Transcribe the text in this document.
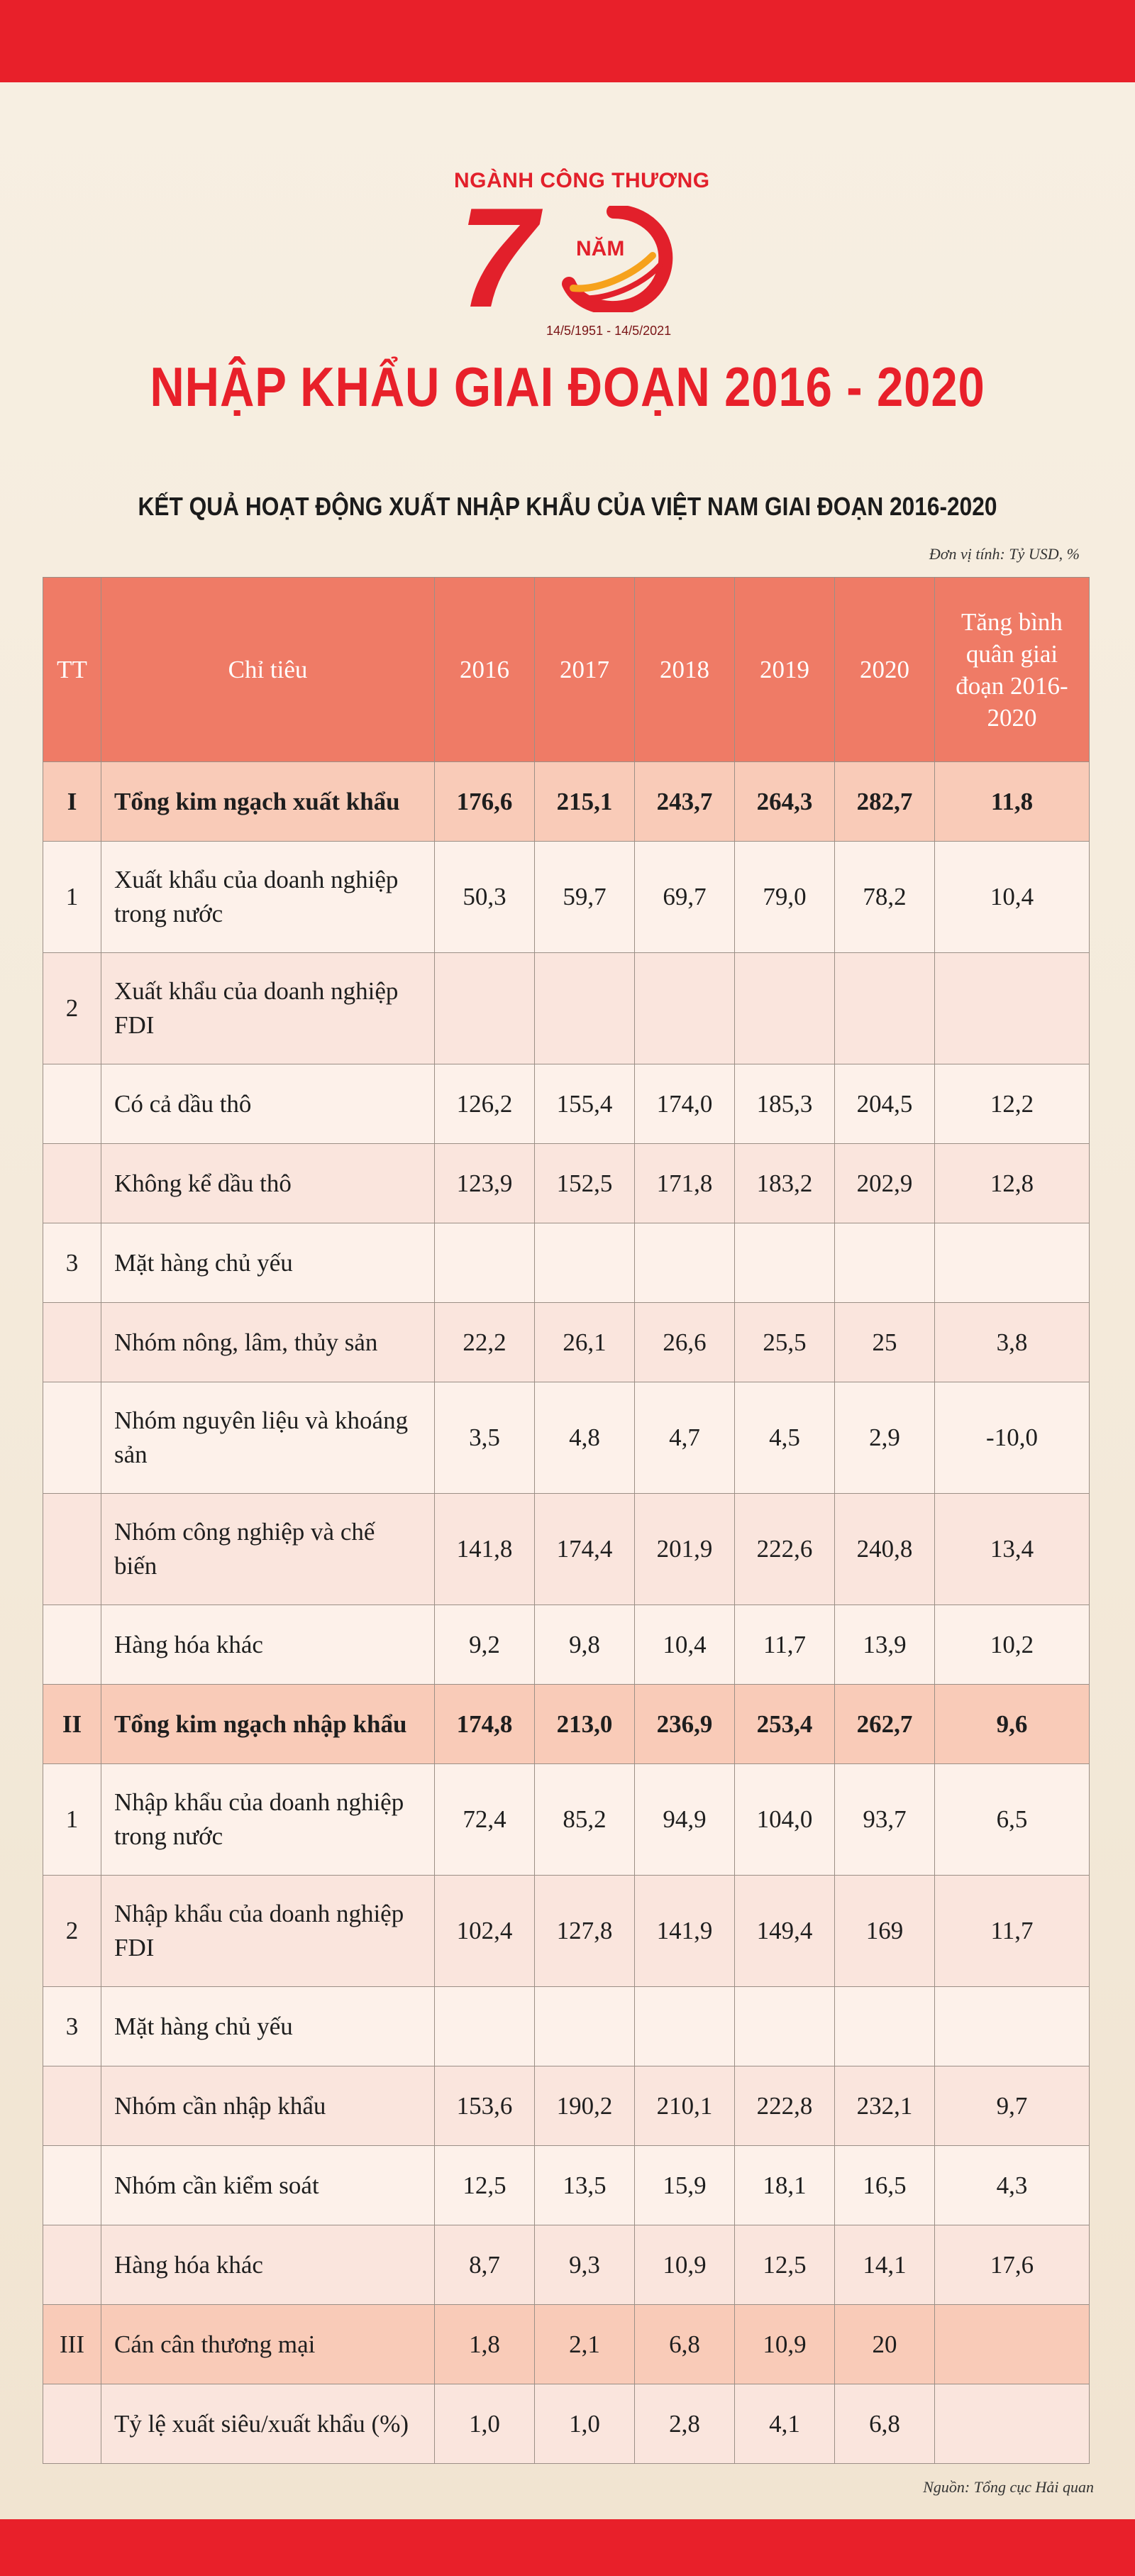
NGÀNH CÔNG THƯƠNG
7 NĂM
14/5/1951 - 14/5/2021
NHẬP KHẨU GIAI ĐOẠN 2016 - 2020
KẾT QUẢ HOẠT ĐỘNG XUẤT NHẬP KHẨU CỦA VIỆT NAM GIAI ĐOẠN 2016-2020
Đơn vị tính: Tỷ USD, %
TT	Chỉ tiêu	2016	2017	2018	2019	2020	Tăng bình quân giai đoạn 2016-2020
I	Tổng kim ngạch xuất khẩu	176,6	215,1	243,7	264,3	282,7	11,8
1	Xuất khẩu của doanh nghiệp trong nước	50,3	59,7	69,7	79,0	78,2	10,4
2	Xuất khẩu của doanh nghiệp FDI						
	Có cả dầu thô	126,2	155,4	174,0	185,3	204,5	12,2
	Không kể dầu thô	123,9	152,5	171,8	183,2	202,9	12,8
3	Mặt hàng chủ yếu						
	Nhóm nông, lâm, thủy sản	22,2	26,1	26,6	25,5	25	3,8
	Nhóm nguyên liệu và khoáng sản	3,5	4,8	4,7	4,5	2,9	-10,0
	Nhóm công nghiệp và chế biến	141,8	174,4	201,9	222,6	240,8	13,4
	Hàng hóa khác	9,2	9,8	10,4	11,7	13,9	10,2
II	Tổng kim ngạch nhập khẩu	174,8	213,0	236,9	253,4	262,7	9,6
1	Nhập khẩu của doanh nghiệp trong nước	72,4	85,2	94,9	104,0	93,7	6,5
2	Nhập khẩu của doanh nghiệp FDI	102,4	127,8	141,9	149,4	169	11,7
3	Mặt hàng chủ yếu						
	Nhóm cần nhập khẩu	153,6	190,2	210,1	222,8	232,1	9,7
	Nhóm cần kiểm soát	12,5	13,5	15,9	18,1	16,5	4,3
	Hàng hóa khác	8,7	9,3	10,9	12,5	14,1	17,6
III	Cán cân thương mại	1,8	2,1	6,8	10,9	20	
	Tỷ lệ xuất siêu/xuất khẩu (%)	1,0	1,0	2,8	4,1	6,8	
Nguồn: Tổng cục Hải quan
